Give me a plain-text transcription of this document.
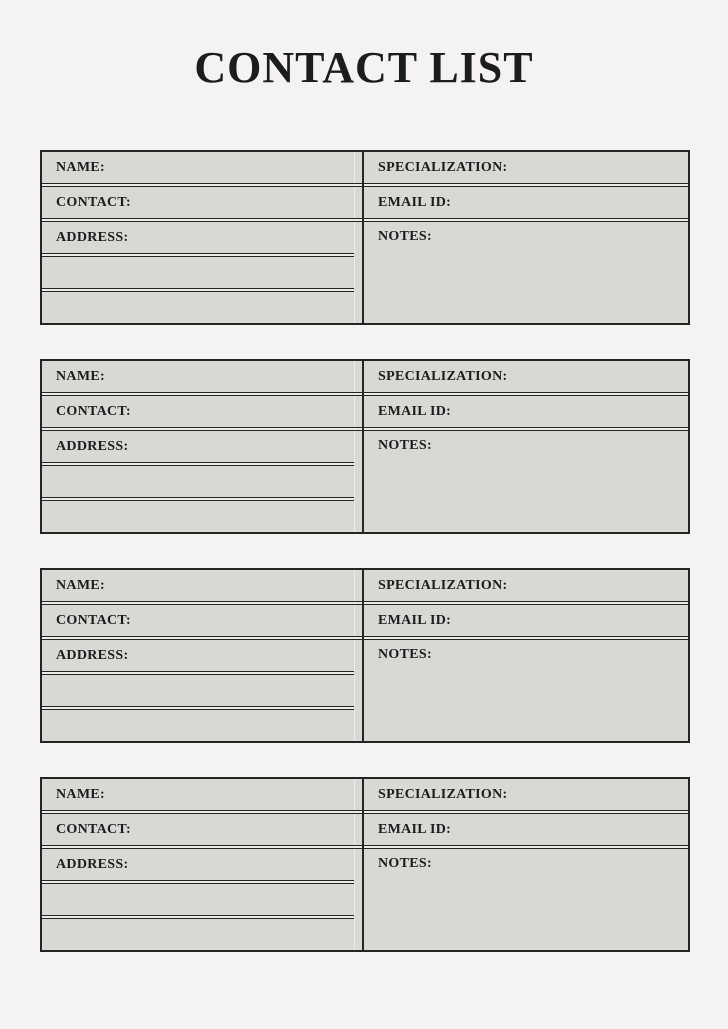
CONTACT LIST
NAME:
CONTACT:
ADDRESS:
SPECIALIZATION:
EMAIL ID:
NOTES:
NAME:
CONTACT:
ADDRESS:
SPECIALIZATION:
EMAIL ID:
NOTES:
NAME:
CONTACT:
ADDRESS:
SPECIALIZATION:
EMAIL ID:
NOTES:
NAME:
CONTACT:
ADDRESS:
SPECIALIZATION:
EMAIL ID:
NOTES:
